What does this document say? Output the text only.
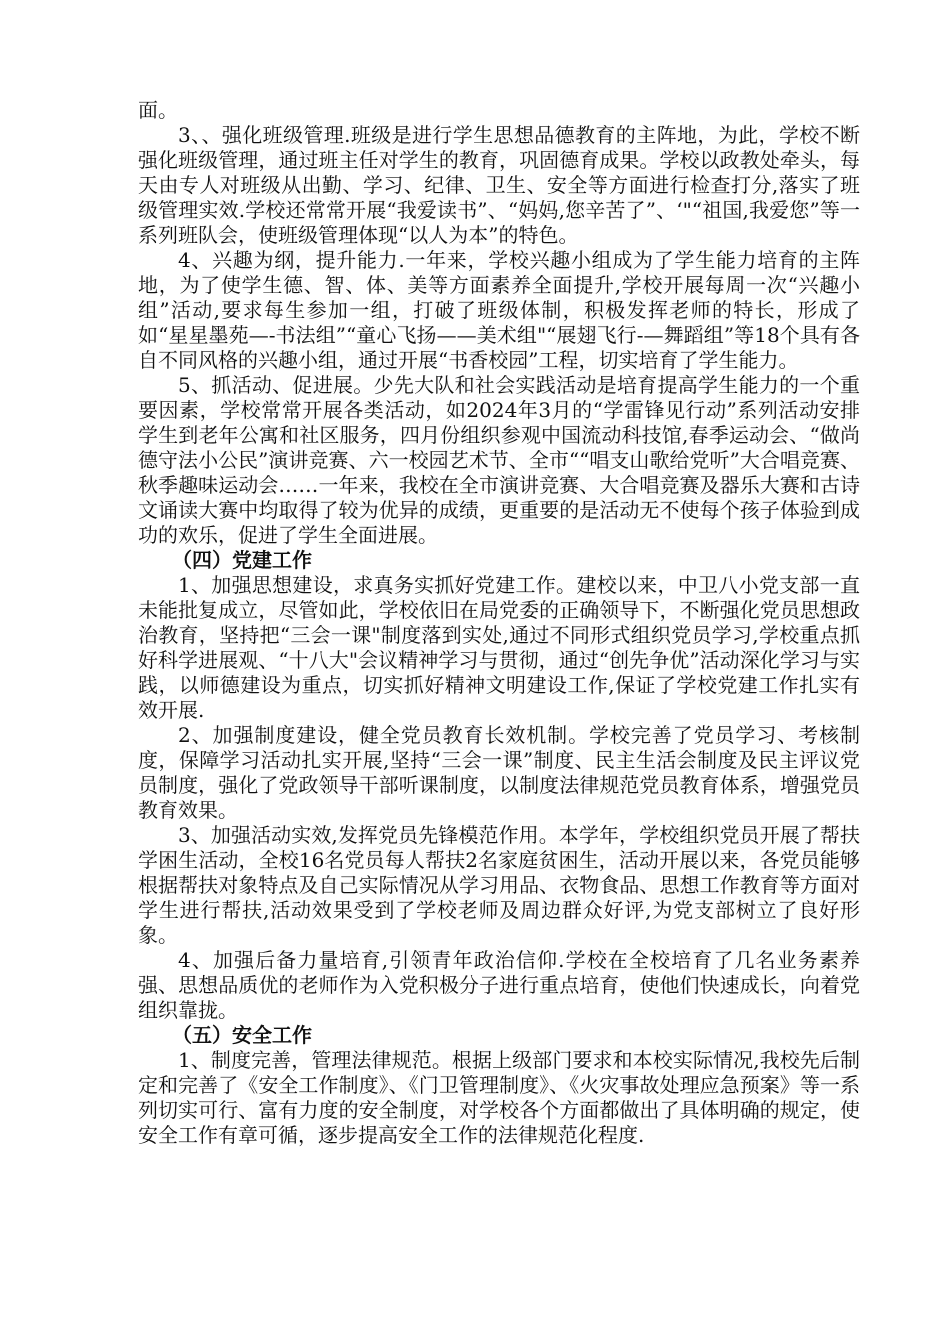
面。

3、、强化班级管理.班级是进行学生思想品德教育的主阵地，为此，学校不断强化班级管理，通过班主任对学生的教育，巩固德育成果。学校以政教处牵头，每天由专人对班级从出勤、学习、纪律、卫生、安全等方面进行检查打分,落实了班级管理实效.学校还常常开展“我爱读书”、“妈妈,您辛苦了”、‘"“祖国,我爱您”等一系列班队会，使班级管理体现“以人为本”的特色。

4、兴趣为纲，提升能力.一年来，学校兴趣小组成为了学生能力培育的主阵地，为了使学生德、智、体、美等方面素养全面提升,学校开展每周一次“兴趣小组”活动,要求每生参加一组，打破了班级体制，积极发挥老师的特长，形成了如“星星墨苑—-书法组”“童心飞扬——美术组"“展翅飞行-—舞蹈组”等18个具有各自不同风格的兴趣小组，通过开展“书香校园”工程，切实培育了学生能力。

5、抓活动、促进展。少先大队和社会实践活动是培育提高学生能力的一个重要因素，学校常常开展各类活动，如2024年3月的“学雷锋见行动”系列活动安排学生到老年公寓和社区服务，四月份组织参观中国流动科技馆,春季运动会、“做尚德守法小公民”演讲竞赛、六一校园艺术节、全市““唱支山歌给党听”大合唱竞赛、秋季趣味运动会……一年来，我校在全市演讲竞赛、大合唱竞赛及器乐大赛和古诗文诵读大赛中均取得了较为优异的成绩，更重要的是活动无不使每个孩子体验到成功的欢乐，促进了学生全面进展。

（四）党建工作

1、加强思想建设，求真务实抓好党建工作。建校以来，中卫八小党支部一直未能批复成立，尽管如此，学校依旧在局党委的正确领导下，不断强化党员思想政治教育，坚持把“三会一课"制度落到实处,通过不同形式组织党员学习,学校重点抓好科学进展观、“十八大"会议精神学习与贯彻，通过“创先争优”活动深化学习与实践，以师德建设为重点，切实抓好精神文明建设工作,保证了学校党建工作扎实有效开展.

2、加强制度建设，健全党员教育长效机制。学校完善了党员学习、考核制度，保障学习活动扎实开展,坚持“三会一课”制度、民主生活会制度及民主评议党员制度，强化了党政领导干部听课制度，以制度法律规范党员教育体系，增强党员教育效果。

3、加强活动实效,发挥党员先锋模范作用。本学年，学校组织党员开展了帮扶学困生活动，全校16名党员每人帮扶2名家庭贫困生，活动开展以来，各党员能够根据帮扶对象特点及自己实际情况从学习用品、衣物食品、思想工作教育等方面对学生进行帮扶,活动效果受到了学校老师及周边群众好评,为党支部树立了良好形象。

4、加强后备力量培育,引领青年政治信仰.学校在全校培育了几名业务素养强、思想品质优的老师作为入党积极分子进行重点培育，使他们快速成长，向着党组织靠拢。

（五）安全工作

1、制度完善，管理法律规范。根据上级部门要求和本校实际情况,我校先后制定和完善了《安全工作制度》、《门卫管理制度》、《火灾事故处理应急预案》等一系列切实可行、富有力度的安全制度，对学校各个方面都做出了具体明确的规定，使安全工作有章可循，逐步提高安全工作的法律规范化程度.
